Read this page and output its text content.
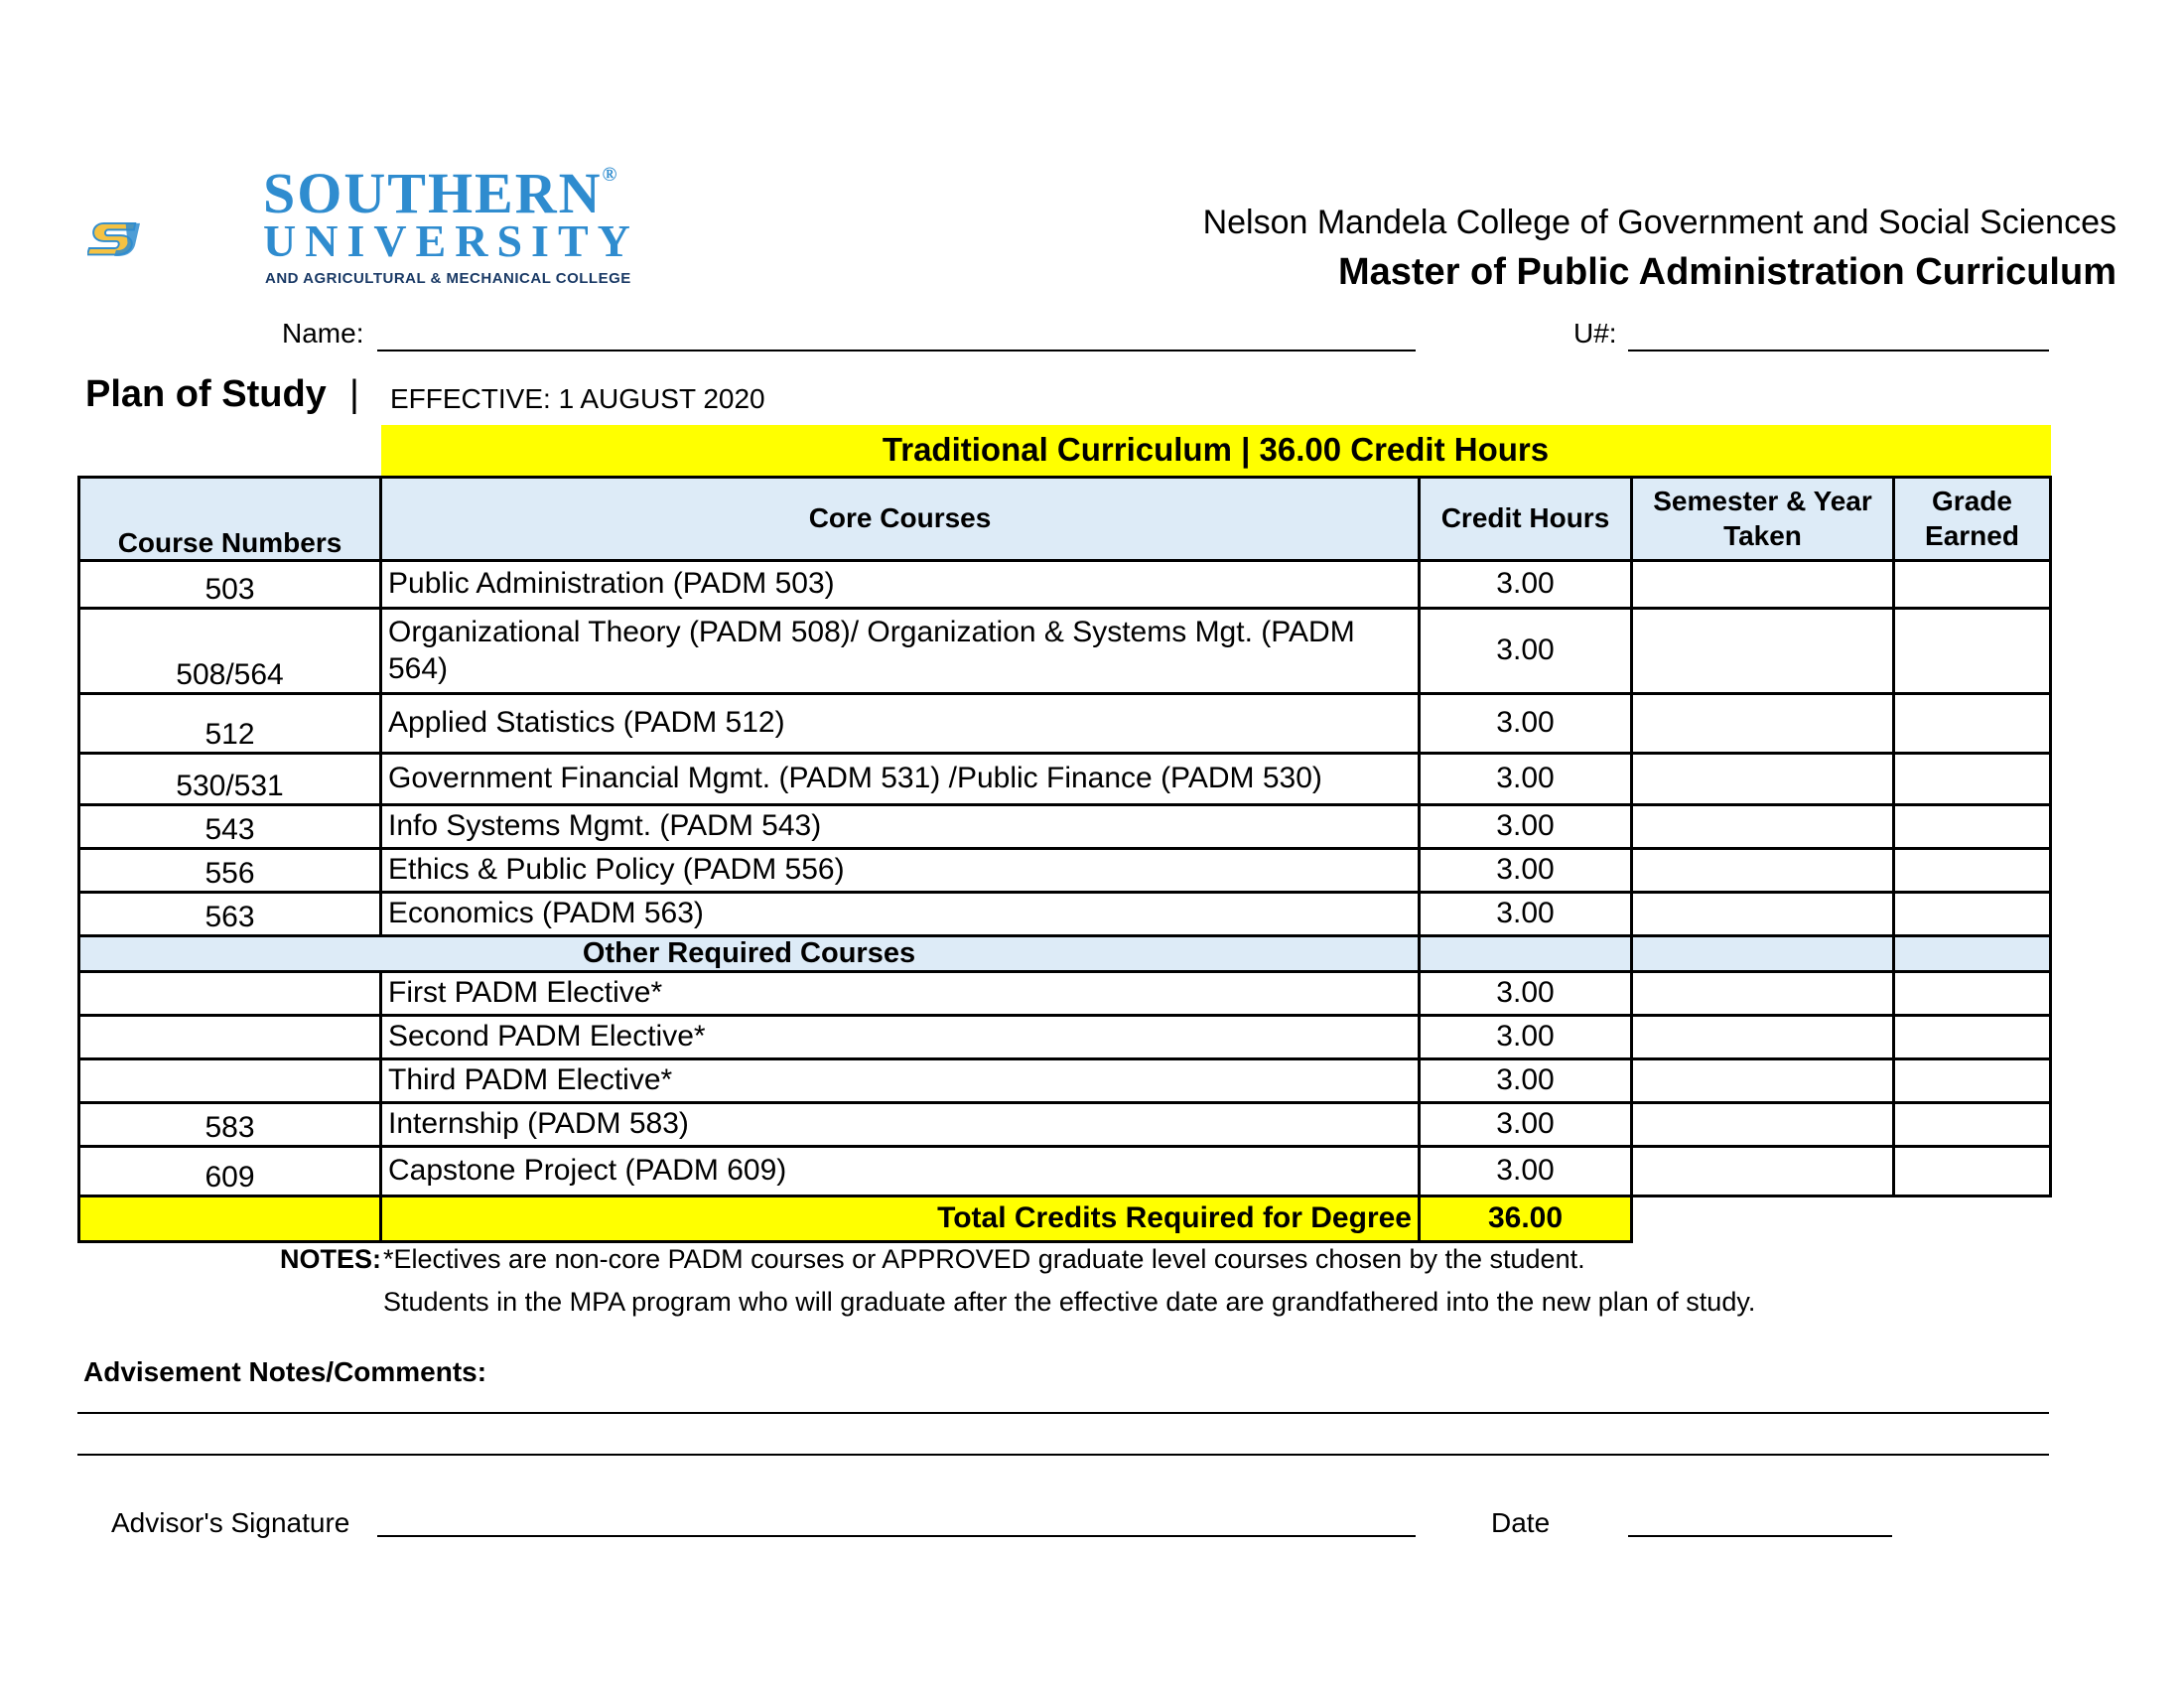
SOUTHERN®
UNIVERSITY
AND AGRICULTURAL & MECHANICAL COLLEGE
Nelson Mandela College of Government and Social Sciences
Master of Public Administration Curriculum
Name:	U#:
Plan of Study | EFFECTIVE: 1 AUGUST 2020
	Traditional Curriculum | 36.00 Credit Hours			
Course Numbers	Core Courses	Credit Hours	Semester & Year Taken	Grade Earned
503	Public Administration (PADM 503)	3.00		
508/564	Organizational Theory (PADM 508)/ Organization & Systems Mgt. (PADM 564)	3.00		
512	Applied Statistics (PADM 512)	3.00		
530/531	Government Financial Mgmt. (PADM 531) /Public Finance (PADM 530)	3.00		
543	Info Systems Mgmt. (PADM 543)	3.00		
556	Ethics & Public Policy (PADM 556)	3.00		
563	Economics (PADM 563)	3.00		
Other Required Courses				
	First PADM Elective*	3.00		
	Second PADM Elective*	3.00		
	Third PADM Elective*	3.00		
583	Internship (PADM 583)	3.00		
609	Capstone Project (PADM 609)	3.00		
	Total Credits Required for Degree	36.00		
NOTES: *Electives are non-core PADM courses or APPROVED graduate level courses chosen by the student.
Students in the MPA program who will graduate after the effective date are grandfathered into the new plan of study.
Advisement Notes/Comments:
Advisor's Signature	Date
